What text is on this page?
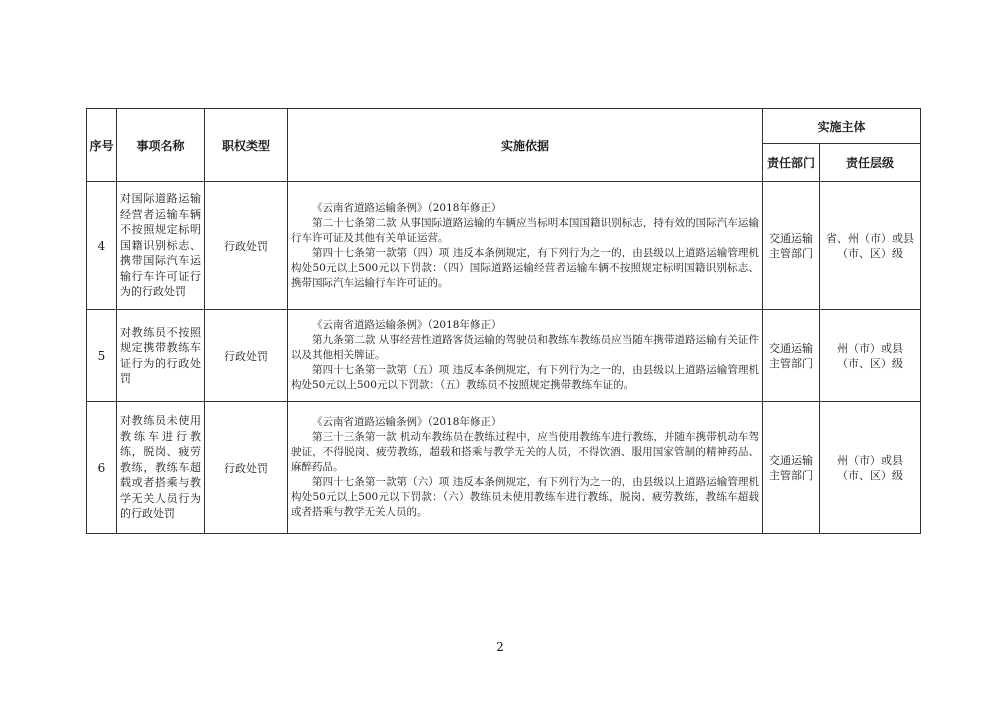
序号	事项名称	职权类型	实施依据	实施主体	
				责任部门	责任层级
4	对国际道路运输经营者运输车辆不按照规定标明国籍识别标志、携带国际汽车运输行车许可证行为的行政处罚	行政处罚	《云南省道路运输条例》（2018年修正）

第二十七条第二款 从事国际道路运输的车辆应当标明本国国籍识别标志，持有效的国际汽车运输行车许可证及其他有关单证运营。

第四十七条第一款第（四）项 违反本条例规定，有下列行为之一的，由县级以上道路运输管理机构处50元以上500元以下罚款：（四）国际道路运输经营者运输车辆不按照规定标明国籍识别标志、携带国际汽车运输行车许可证的。	交通运输主管部门	省、州（市）或县（市、区）级
5	对教练员不按照规定携带教练车证行为的行政处罚	行政处罚	《云南省道路运输条例》（2018年修正）

第九条第二款 从事经营性道路客货运输的驾驶员和教练车教练员应当随车携带道路运输有关证件以及其他相关牌证。

第四十七条第一款第（五）项 违反本条例规定，有下列行为之一的，由县级以上道路运输管理机构处50元以上500元以下罚款：（五）教练员不按照规定携带教练车证的。	交通运输主管部门	州（市）或县（市、区）级
6	对教练员未使用教练车进行教练，脱岗、疲劳教练，教练车超载或者搭乘与教学无关人员行为的行政处罚	行政处罚	《云南省道路运输条例》（2018年修正）

第三十三条第一款 机动车教练员在教练过程中，应当使用教练车进行教练，并随车携带机动车驾驶证，不得脱岗、疲劳教练，超载和搭乘与教学无关的人员，不得饮酒、服用国家管制的精神药品、麻醉药品。

第四十七条第一款第（六）项 违反本条例规定，有下列行为之一的，由县级以上道路运输管理机构处50元以上500元以下罚款：（六）教练员未使用教练车进行教练，脱岗、疲劳教练，教练车超载或者搭乘与教学无关人员的。	交通运输主管部门	州（市）或县（市、区）级
2
